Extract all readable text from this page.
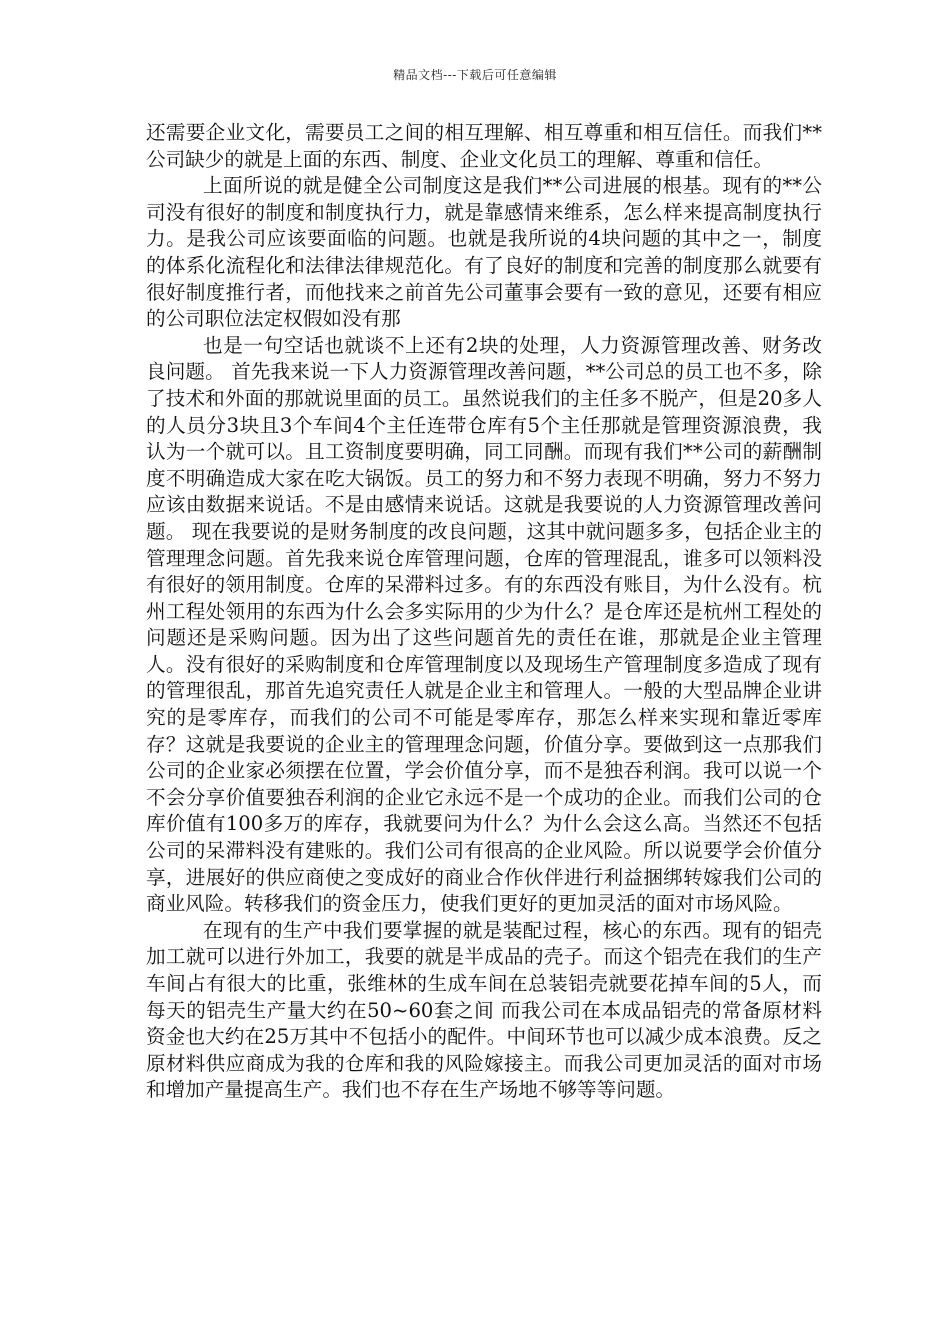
精品文档---下载后可任意编辑

还需要企业文化，需要员工之间的相互理解、相互尊重和相互信任。而我们**公司缺少的就是上面的东西、制度、企业文化员工的理解、尊重和信任。

上面所说的就是健全公司制度这是我们**公司进展的根基。现有的**公司没有很好的制度和制度执行力，就是靠感情来维系，怎么样来提高制度执行力。是我公司应该要面临的问题。也就是我所说的4块问题的其中之一，制度的体系化流程化和法律法律规范化。有了良好的制度和完善的制度那么就要有很好制度推行者，而他找来之前首先公司董事会要有一致的意见，还要有相应的公司职位法定权假如没有那

也是一句空话也就谈不上还有2块的处理，人力资源管理改善、财务改良问题。 首先我来说一下人力资源管理改善问题，**公司总的员工也不多，除了技术和外面的那就说里面的员工。虽然说我们的主任多不脱产，但是20多人的人员分3块且3个车间4个主任连带仓库有5个主任那就是管理资源浪费，我认为一个就可以。且工资制度要明确，同工同酬。而现有我们**公司的薪酬制度不明确造成大家在吃大锅饭。员工的努力和不努力表现不明确，努力不努力应该由数据来说话。不是由感情来说话。这就是我要说的人力资源管理改善问题。 现在我要说的是财务制度的改良问题，这其中就问题多多，包括企业主的管理理念问题。首先我来说仓库管理问题，仓库的管理混乱，谁多可以领料没有很好的领用制度。仓库的呆滞料过多。有的东西没有账目，为什么没有。杭州工程处领用的东西为什么会多实际用的少为什么？是仓库还是杭州工程处的问题还是采购问题。因为出了这些问题首先的责任在谁，那就是企业主管理人。没有很好的采购制度和仓库管理制度以及现场生产管理制度多造成了现有的管理很乱，那首先追究责任人就是企业主和管理人。一般的大型品牌企业讲究的是零库存，而我们的公司不可能是零库存，那怎么样来实现和靠近零库存？这就是我要说的企业主的管理理念问题，价值分享。要做到这一点那我们公司的企业家必须摆在位置，学会价值分享，而不是独吞利润。我可以说一个不会分享价值要独吞利润的企业它永远不是一个成功的企业。而我们公司的仓库价值有100多万的库存，我就要问为什么？为什么会这么高。当然还不包括公司的呆滞料没有建账的。我们公司有很高的企业风险。所以说要学会价值分享，进展好的供应商使之变成好的商业合作伙伴进行利益捆绑转嫁我们公司的商业风险。转移我们的资金压力，使我们更好的更加灵活的面对市场风险。

在现有的生产中我们要掌握的就是装配过程，核心的东西。现有的铝壳加工就可以进行外加工，我要的就是半成品的壳子。而这个铝壳在我们的生产车间占有很大的比重，张维林的生成车间在总装铝壳就要花掉车间的5人，而每天的铝壳生产量大约在50~60套之间 而我公司在本成品铝壳的常备原材料资金也大约在25万其中不包括小的配件。中间环节也可以减少成本浪费。反之原材料供应商成为我的仓库和我的风险嫁接主。而我公司更加灵活的面对市场和增加产量提高生产。我们也不存在生产场地不够等等问题。
